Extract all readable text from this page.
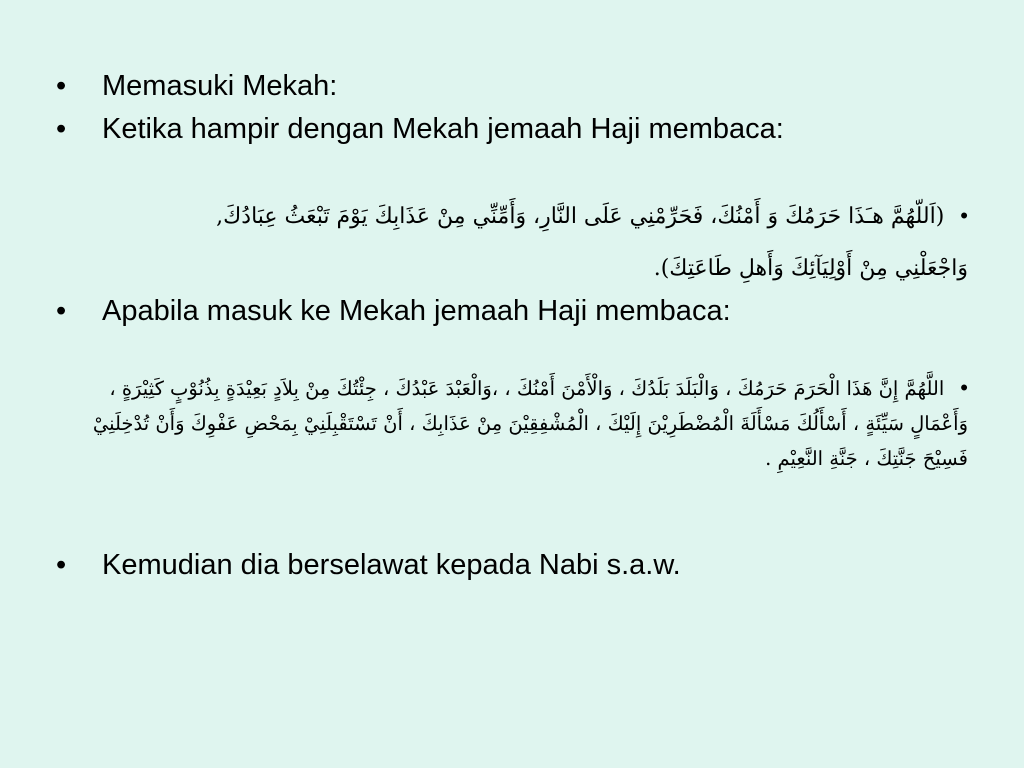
•	Memasuki Mekah:
•	Ketika hampir dengan Mekah jemaah Haji membaca:
•(اَللّهُمَّ هـَذَا حَرَمُكَ وَ أَمْنُكَ، فَحَرِّمْنِي عَلَى النَّارِ، وَأَمِّنِّي مِنْ عَذَابِكَ يَوْمَ تَبْعَثُ عِبَادُكَ, وَاجْعَلْنِي مِنْ أَوْلِيَآئِكَ وَأَهلِ طَاعَتِكَ).
•	Apabila masuk ke Mekah jemaah Haji membaca:
•اللَّهُمَّ إِنَّ هَذَا الْحَرَمَ حَرَمُكَ ، وَالْبَلَدَ بَلَدُكَ ، وَالْأَمْنَ أَمْنُكَ ، ،وَالْعَبْدَ عَبْدُكَ ، جِئْتُكَ مِنْ بِلاَدٍ بَعِيْدَةٍ بِذُنُوْبٍ كَثِيْرَةٍ ، وَأَعْمَالٍ سَيِّئَةٍ ، أَسْأَلُكَ مَسْأَلَةَ الْمُضْطَرِيْنَ إِلَيْكَ ، الْمُشْفِقِيْنَ مِنْ عَذَابِكَ ، أَنْ تَسْتَقْبِلَنِيْ بِمَحْضِ عَفْوِكَ وَأَنْ تُدْخِلَنِيْ فَسِيْحَ جَنَّتِكَ ، جَنَّةِ النَّعِيْمِ .
•	Kemudian dia berselawat kepada Nabi s.a.w.
